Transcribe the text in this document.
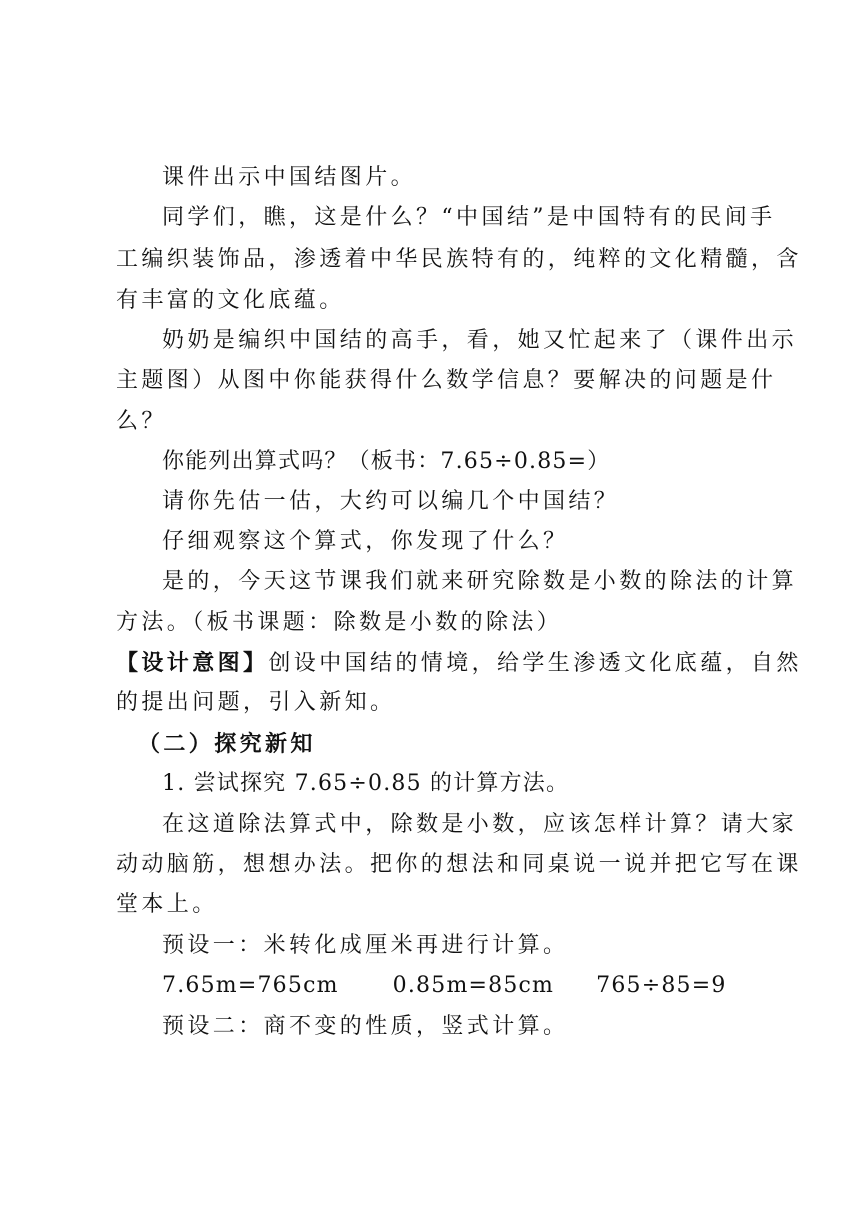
课件出示中国结图片。
同学们，瞧，这是什么？“中国结”是中国特有的民间手
工编织装饰品，渗透着中华民族特有的，纯粹的文化精髓，含
有丰富的文化底蕴。
奶奶是编织中国结的高手，看，她又忙起来了（课件出示
主题图）从图中你能获得什么数学信息？要解决的问题是什
么？
你能列出算式吗？（板书：7.65÷0.85=）
请你先估一估，大约可以编几个中国结？
仔细观察这个算式，你发现了什么？
是的，今天这节课我们就来研究除数是小数的除法的计算
方法。（板书课题：除数是小数的除法）
【设计意图】创设中国结的情境，给学生渗透文化底蕴，自然
的提出问题，引入新知。
（二）探究新知
1. 尝试探究 7.65÷0.85 的计算方法。
在这道除法算式中，除数是小数，应该怎样计算？请大家
动动脑筋，想想办法。把你的想法和同桌说一说并把它写在课
堂本上。
预设一：米转化成厘米再进行计算。
7.65m=765cm 0.85m=85cm 765÷85=9
预设二：商不变的性质，竖式计算。
